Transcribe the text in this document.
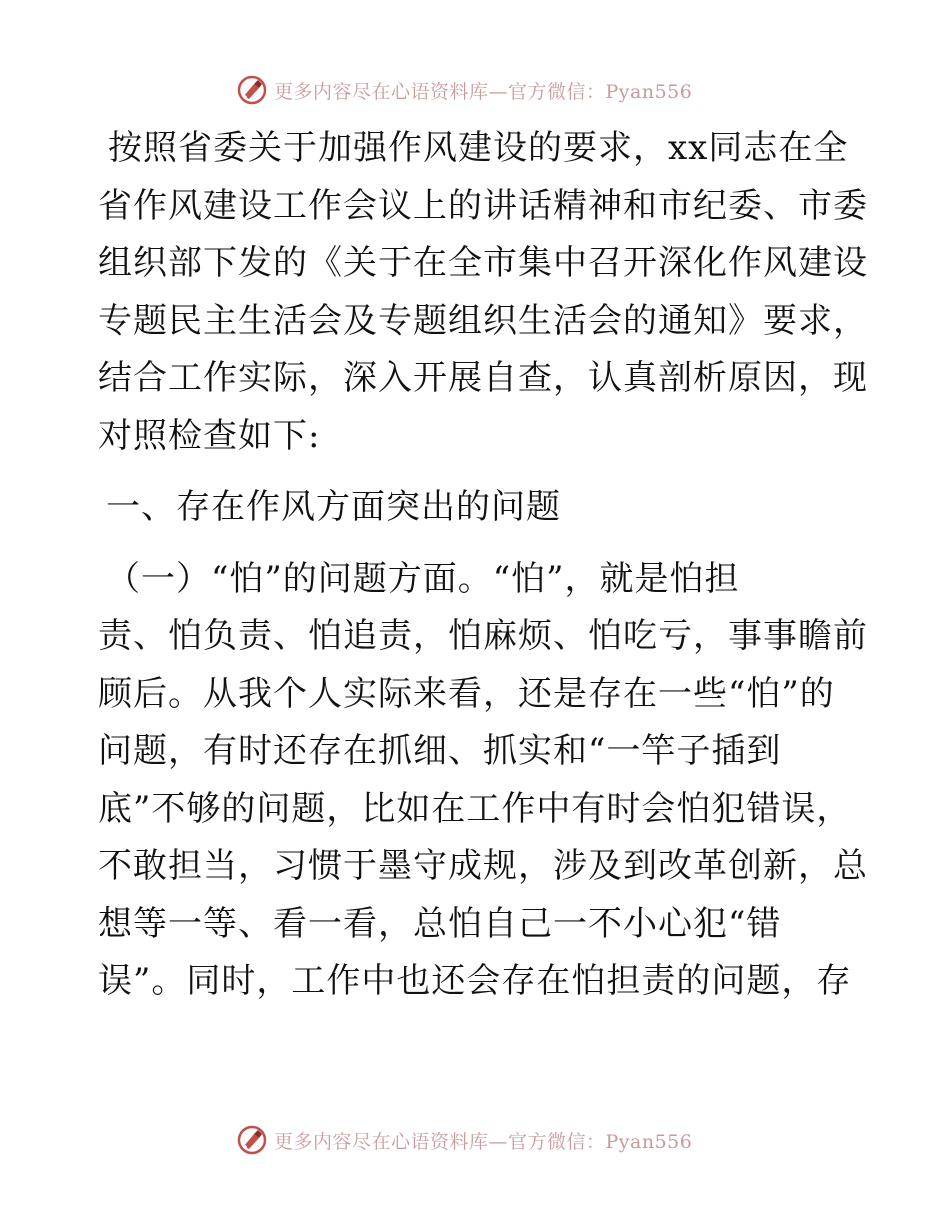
更多内容尽在心语资料库—官方微信：Pyan556
按照省委关于加强作风建设的要求，xx同志在全
省作风建设工作会议上的讲话精神和市纪委、市委
组织部下发的《关于在全市集中召开深化作风建设
专题民主生活会及专题组织生活会的通知》要求，
结合工作实际，深入开展自查，认真剖析原因，现
对照检查如下:
一、存在作风方面突出的问题
（一）“怕”的问题方面。“怕”，就是怕担
责、怕负责、怕追责，怕麻烦、怕吃亏，事事瞻前
顾后。从我个人实际来看，还是存在一些“怕”的
问题，有时还存在抓细、抓实和“一竿子插到
底”不够的问题，比如在工作中有时会怕犯错误，
不敢担当，习惯于墨守成规，涉及到改革创新，总
想等一等、看一看，总怕自己一不小心犯“错
误”。同时，工作中也还会存在怕担责的问题，存
更多内容尽在心语资料库—官方微信：Pyan556
